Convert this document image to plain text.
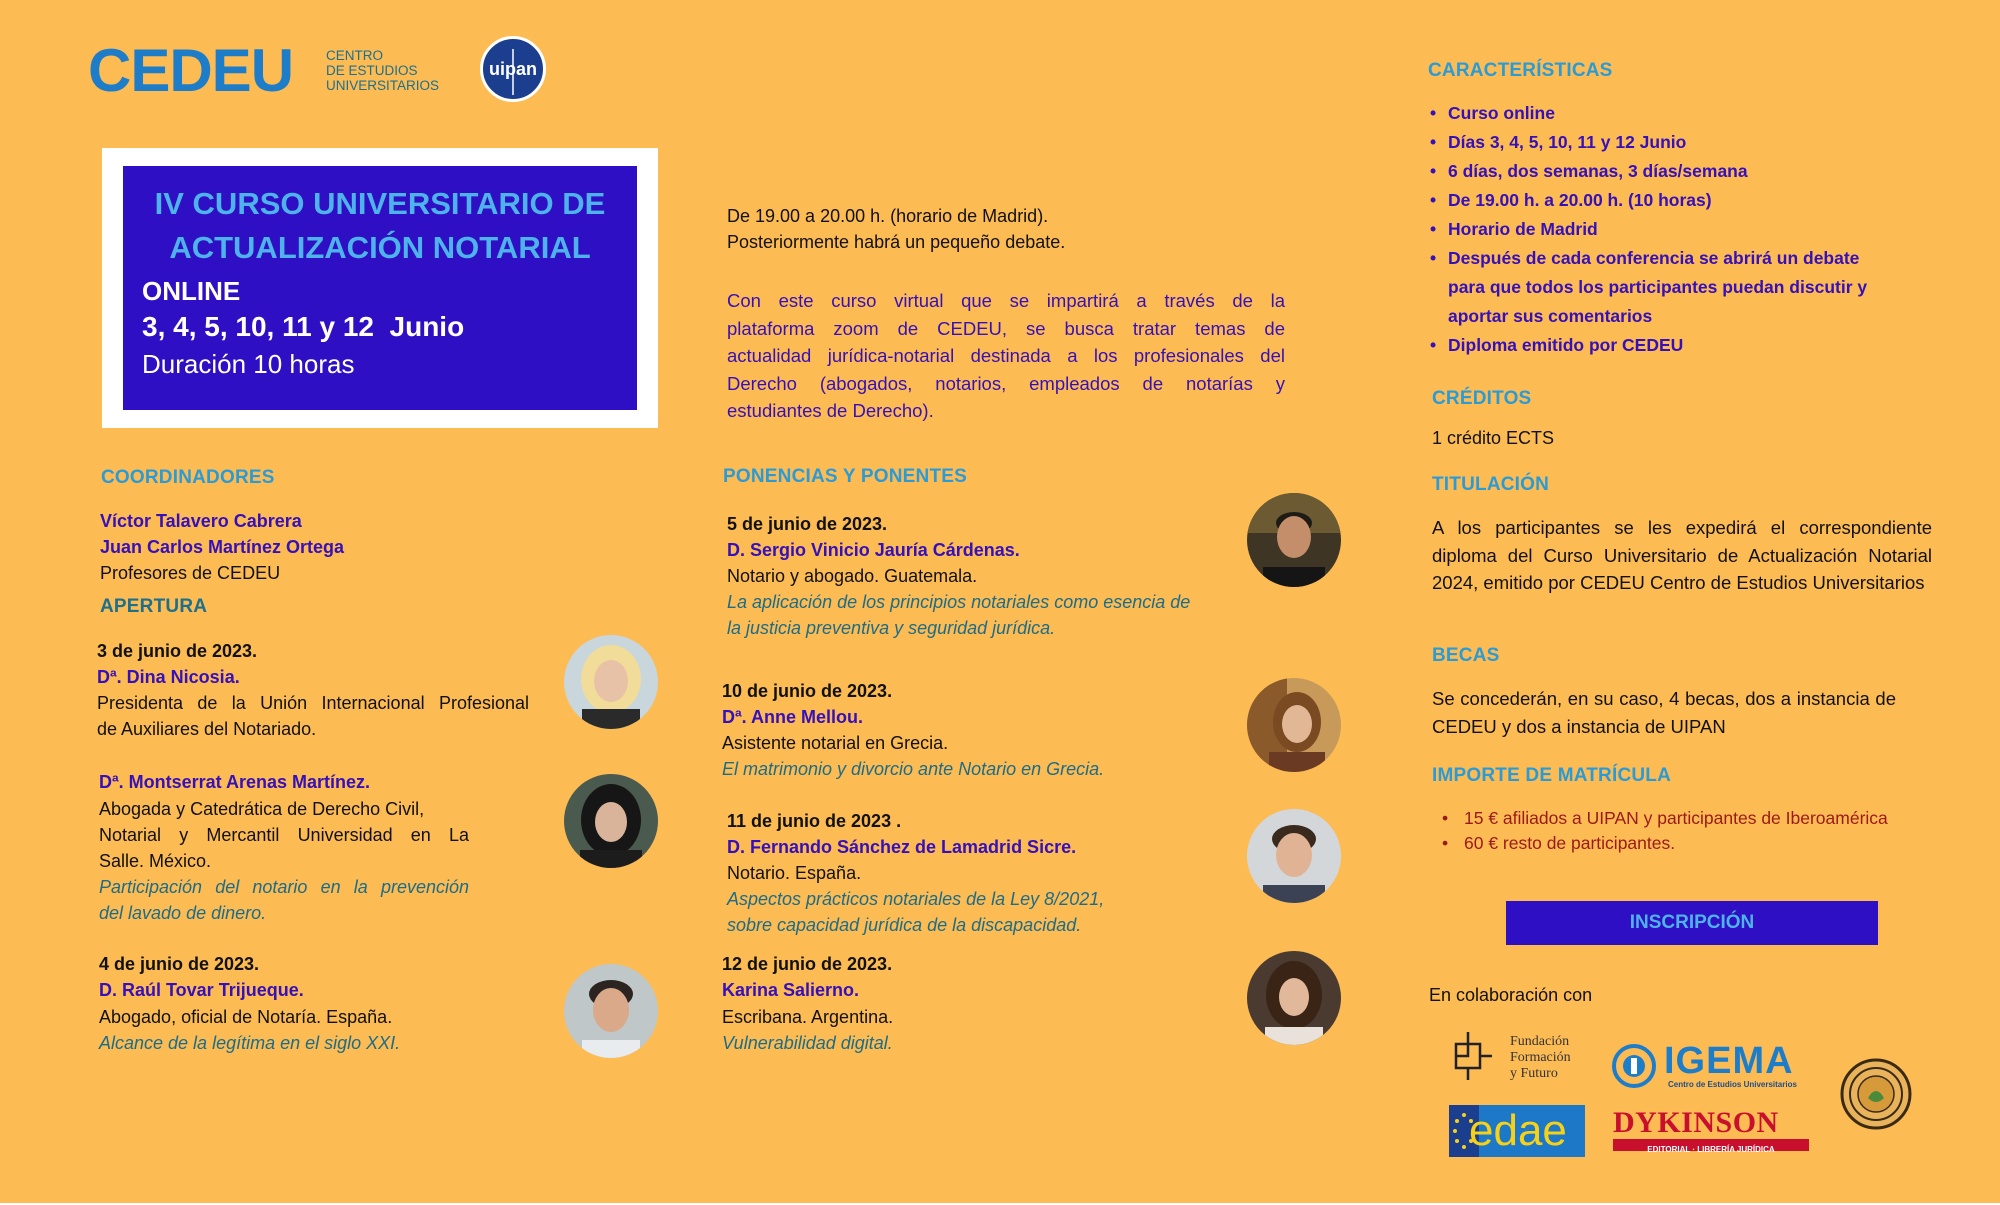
CEDEU CENTRO
DE ESTUDIOS
UNIVERSITARIOS
uipan
IV CURSO UNIVERSITARIO DE
ACTUALIZACIÓN NOTARIAL
ONLINE
3, 4, 5, 10, 11 y 12  Junio
Duración 10 horas
COORDINADORES
Víctor Talavero Cabrera
Juan Carlos Martínez Ortega
Profesores de CEDEU
APERTURA
3 de junio de 2023.
Dª. Dina Nicosia.
Presidenta de la Unión Internacional Profesional
de Auxiliares del Notariado.
Dª. Montserrat Arenas Martínez.
Abogada y Catedrática de Derecho Civil,
Notarial y Mercantil Universidad en La
Salle. México.
Participación del notario en la prevención
del lavado de dinero.
4 de junio de 2023.
D. Raúl Tovar Trijueque.
Abogado, oficial de Notaría. España.
Alcance de la legítima en el siglo XXI.
De 19.00 a 20.00 h. (horario de Madrid).
Posteriormente habrá un pequeño debate.
Con este curso virtual que se impartirá a través de la
plataforma zoom de CEDEU, se busca tratar temas de
actualidad jurídica-notarial destinada a los profesionales del
Derecho (abogados, notarios, empleados de notarías y
estudiantes de Derecho).
PONENCIAS Y PONENTES
5 de junio de 2023.
D. Sergio Vinicio Jauría Cárdenas.
Notario y abogado. Guatemala.
La aplicación de los principios notariales como esencia de
la justicia preventiva y seguridad jurídica.
10 de junio de 2023.
Dª. Anne Mellou.
Asistente notarial en Grecia.
El matrimonio y divorcio ante Notario en Grecia.
11 de junio de 2023 .
D. Fernando Sánchez de Lamadrid Sicre.
Notario. España.
Aspectos prácticos notariales de la Ley 8/2021,
sobre capacidad jurídica de la discapacidad.
12 de junio de 2023.
Karina Salierno.
Escribana. Argentina.
Vulnerabilidad digital.
CARACTERÍSTICAS
• Curso online
• Días 3, 4, 5, 10, 11 y 12 Junio
• 6 días, dos semanas, 3 días/semana
• De 19.00 h. a 20.00 h. (10 horas)
• Horario de Madrid
• Después de cada conferencia se abrirá un debate para que todos los participantes puedan discutir y aportar sus comentarios
• Diploma emitido por CEDEU
CRÉDITOS
1 crédito ECTS
TITULACIÓN
A los participantes se les expedirá el correspondiente diploma del Curso Universitario de Actualización Notarial 2024, emitido por CEDEU Centro de Estudios Universitarios
BECAS
Se concederán, en su caso, 4 becas, dos a instancia de CEDEU y dos a instancia de UIPAN
IMPORTE DE MATRÍCULA
• 15 € afiliados a UIPAN y participantes de Iberoamérica
• 60 € resto de participantes.
INSCRIPCIÓN
En colaboración con
Fundación
Formación
y Futuro	IGEMA
Centro de Estudios Universitarios
edae DYKINSON
EDITORIAL · LIBRERÍA JURÍDICA
